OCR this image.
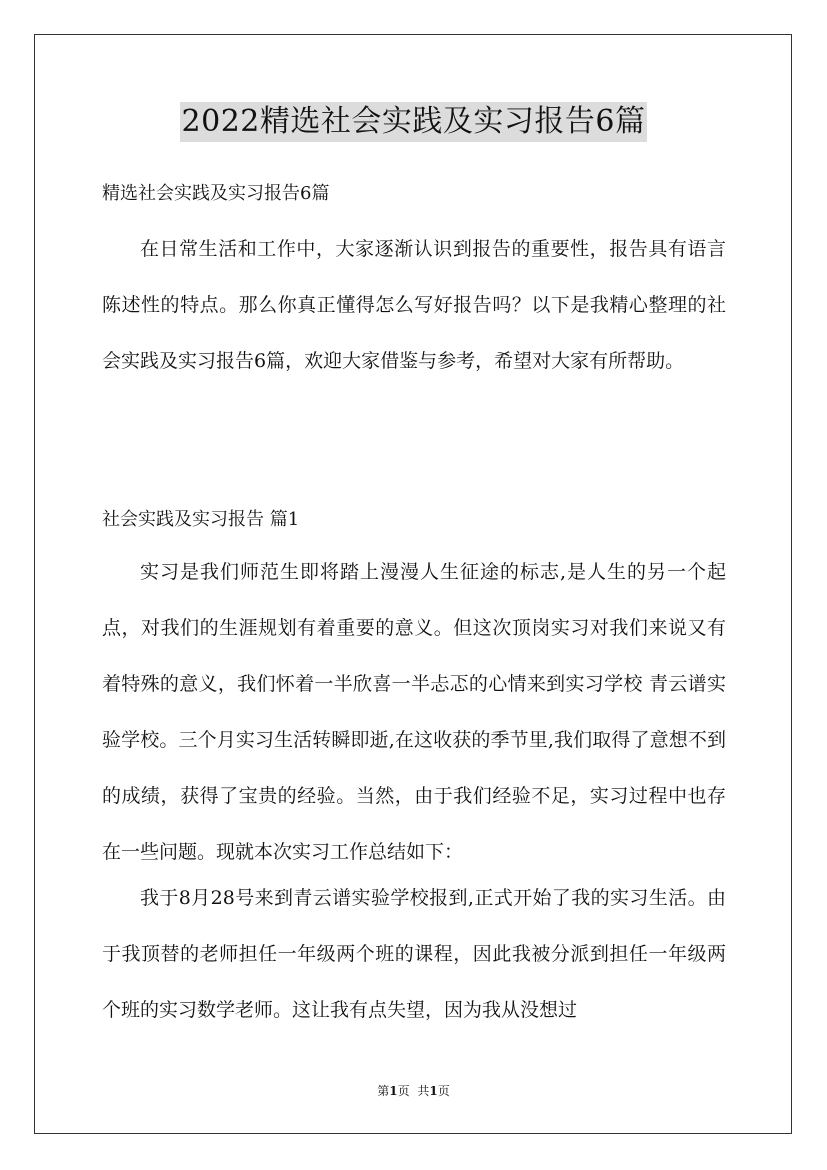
2022精选社会实践及实习报告6篇
精选社会实践及实习报告6篇
在日常生活和工作中，大家逐渐认识到报告的重要性，报告具有语言陈述性的特点。那么你真正懂得怎么写好报告吗？以下是我精心整理的社会实践及实习报告6篇，欢迎大家借鉴与参考，希望对大家有所帮助。
社会实践及实习报告 篇1
实习是我们师范生即将踏上漫漫人生征途的标志,是人生的另一个起点，对我们的生涯规划有着重要的意义。但这次顶岗实习对我们来说又有着特殊的意义，我们怀着一半欣喜一半忐忑的心情来到实习学校 青云谱实验学校。三个月实习生活转瞬即逝,在这收获的季节里,我们取得了意想不到的成绩，获得了宝贵的经验。当然，由于我们经验不足，实习过程中也存在一些问题。现就本次实习工作总结如下：
我于8月28号来到青云谱实验学校报到,正式开始了我的实习生活。由于我顶替的老师担任一年级两个班的课程，因此我被分派到担任一年级两个班的实习数学老师。这让我有点失望，因为我从没想过
第1页 共1页
